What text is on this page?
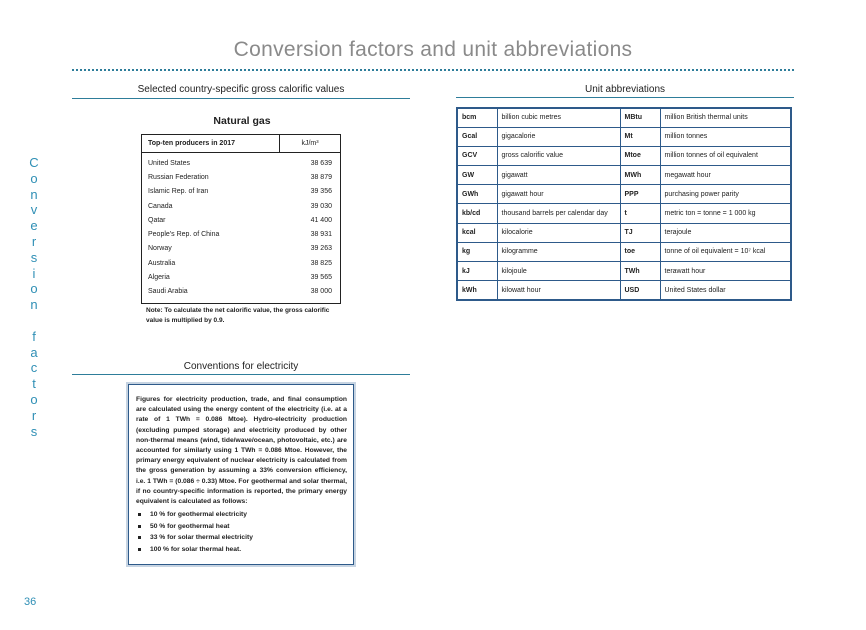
Conversion factors and unit abbreviations
C
o
n
v
e
r
s
i
o
n

f
a
c
t
o
r
s
36
Selected country-specific gross calorific values
Natural gas
Top-ten producers in 2017	kJ/m³
United States	38 639
Russian Federation	38 879
Islamic Rep. of Iran	39 356
Canada	39 030
Qatar	41 400
People's Rep. of China	38 931
Norway	39 263
Australia	38 825
Algeria	39 565
Saudi Arabia	38 000
Note: To calculate the net calorific value, the gross calorific value is multiplied by 0.9.
Conventions for electricity
Figures for electricity production, trade, and final consumption are calculated using the energy content of the electricity (i.e. at a rate of 1 TWh = 0.086 Mtoe). Hydro-electricity production (excluding pumped storage) and electricity produced by other non-thermal means (wind, tide/wave/ocean, photovoltaic, etc.) are accounted for similarly using 1 TWh = 0.086 Mtoe. However, the primary energy equivalent of nuclear electricity is calculated from the gross generation by assuming a 33% conversion efficiency, i.e. 1 TWh = (0.086 ÷ 0.33) Mtoe. For geothermal and solar thermal, if no country-specific information is reported, the primary energy equivalent is calculated as follows:
10 % for geothermal electricity
50 % for geothermal heat
33 % for solar thermal electricity
100 % for solar thermal heat.
Unit abbreviations
bcm	billion cubic metres	MBtu	million British thermal units
Gcal	gigacalorie	Mt	million tonnes
GCV	gross calorific value	Mtoe	million tonnes of oil equivalent
GW	gigawatt	MWh	megawatt hour
GWh	gigawatt hour	PPP	purchasing power parity
kb/cd	thousand barrels per calendar day	t	metric ton = tonne = 1 000 kg
kcal	kilocalorie	TJ	terajoule
kg	kilogramme	toe	tonne of oil equivalent = 10⁷ kcal
kJ	kilojoule	TWh	terawatt hour
kWh	kilowatt hour	USD	United States dollar
